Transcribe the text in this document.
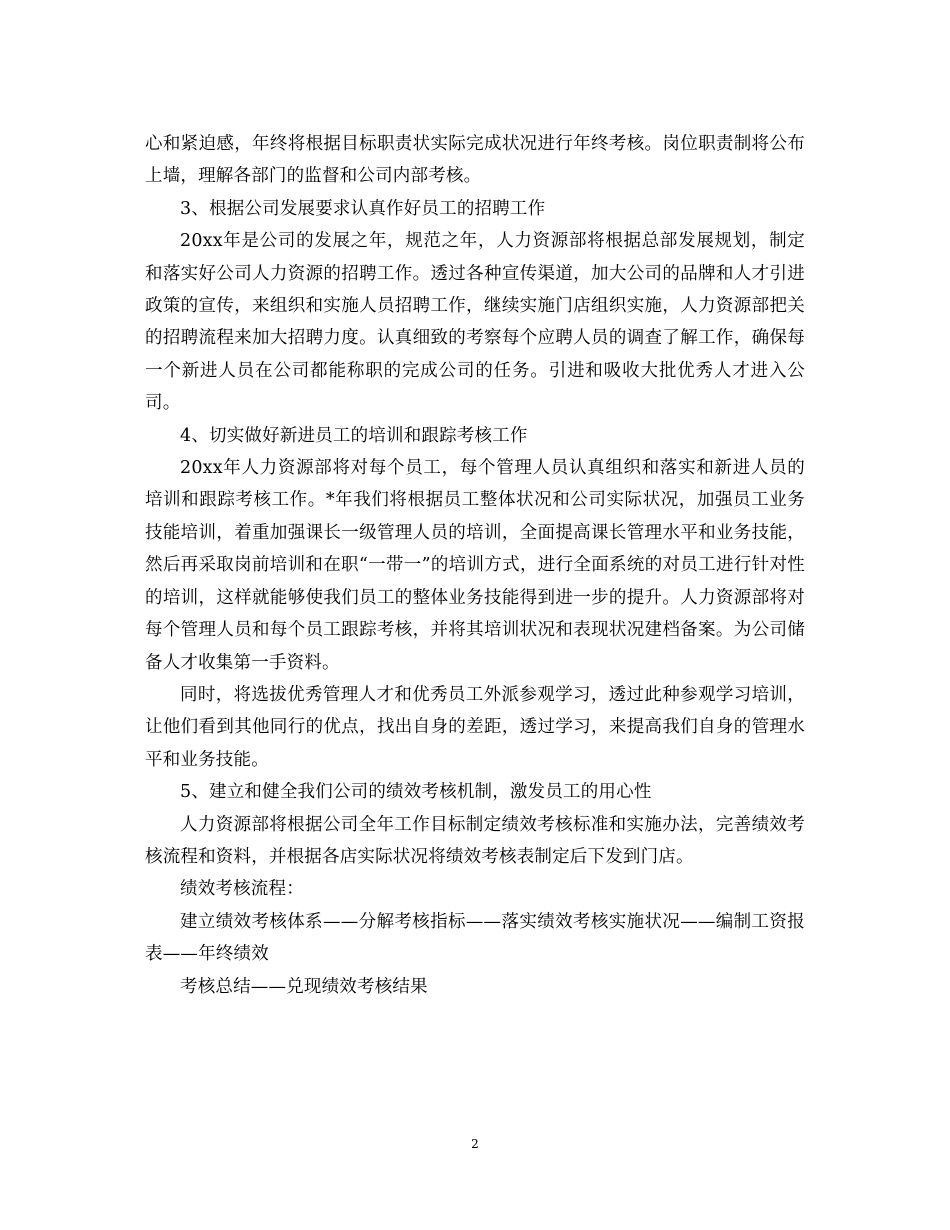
心和紧迫感，年终将根据目标职责状实际完成状况进行年终考核。岗位职责制将公布上墙，理解各部门的监督和公司内部考核。

3、根据公司发展要求认真作好员工的招聘工作

20xx年是公司的发展之年，规范之年，人力资源部将根据总部发展规划，制定和落实好公司人力资源的招聘工作。透过各种宣传渠道，加大公司的品牌和人才引进政策的宣传，来组织和实施人员招聘工作，继续实施门店组织实施，人力资源部把关的招聘流程来加大招聘力度。认真细致的考察每个应聘人员的调查了解工作，确保每一个新进人员在公司都能称职的完成公司的任务。引进和吸收大批优秀人才进入公司。

4、切实做好新进员工的培训和跟踪考核工作

20xx年人力资源部将对每个员工，每个管理人员认真组织和落实和新进人员的培训和跟踪考核工作。*年我们将根据员工整体状况和公司实际状况，加强员工业务技能培训，着重加强课长一级管理人员的培训，全面提高课长管理水平和业务技能，然后再采取岗前培训和在职“一带一”的培训方式，进行全面系统的对员工进行针对性的培训，这样就能够使我们员工的整体业务技能得到进一步的提升。人力资源部将对每个管理人员和每个员工跟踪考核，并将其培训状况和表现状况建档备案。为公司储备人才收集第一手资料。

同时，将选拔优秀管理人才和优秀员工外派参观学习，透过此种参观学习培训，让他们看到其他同行的优点，找出自身的差距，透过学习，来提高我们自身的管理水平和业务技能。

5、建立和健全我们公司的绩效考核机制，激发员工的用心性

人力资源部将根据公司全年工作目标制定绩效考核标准和实施办法，完善绩效考核流程和资料，并根据各店实际状况将绩效考核表制定后下发到门店。

绩效考核流程：

建立绩效考核体系——分解考核指标——落实绩效考核实施状况——编制工资报表——年终绩效

考核总结——兑现绩效考核结果

2
